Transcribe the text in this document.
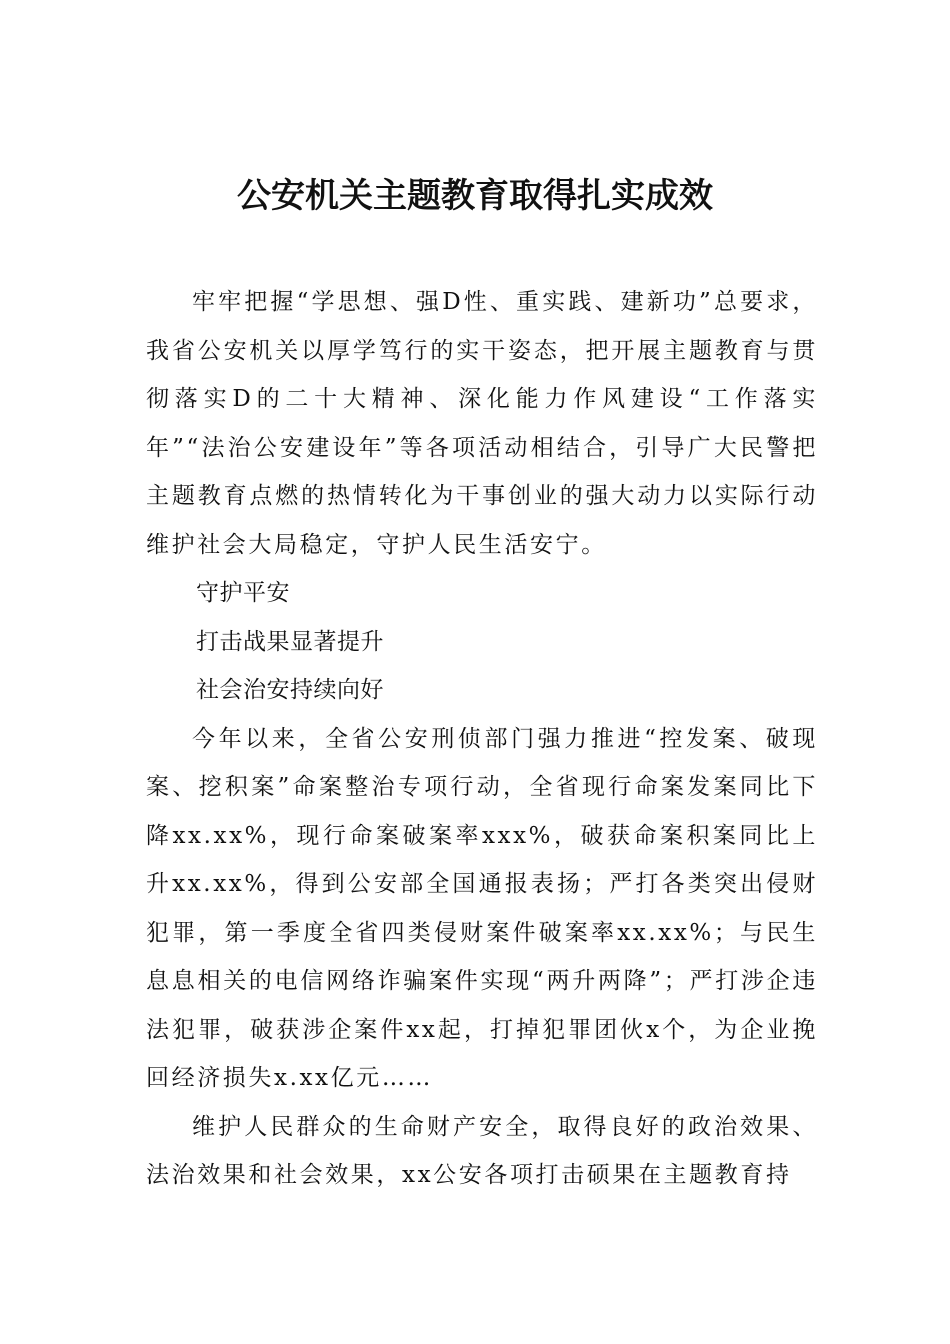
公安机关主题教育取得扎实成效

牢牢把握“学思想、强D性、重实践、建新功”总要求，我省公安机关以厚学笃行的实干姿态，把开展主题教育与贯彻落实D的二十大精神、深化能力作风建设“工作落实年”“法治公安建设年”等各项活动相结合，引导广大民警把主题教育点燃的热情转化为干事创业的强大动力以实际行动维护社会大局稳定，守护人民生活安宁。

守护平安

打击战果显著提升

社会治安持续向好

今年以来，全省公安刑侦部门强力推进“控发案、破现案、挖积案”命案整治专项行动，全省现行命案发案同比下降xx.xx%，现行命案破案率xxx%，破获命案积案同比上升xx.xx%，得到公安部全国通报表扬；严打各类突出侵财犯罪，第一季度全省四类侵财案件破案率xx.xx%；与民生息息相关的电信网络诈骗案件实现“两升两降”；严打涉企违法犯罪，破获涉企案件xx起，打掉犯罪团伙x个，为企业挽回经济损失x.xx亿元……

维护人民群众的生命财产安全，取得良好的政治效果、法治效果和社会效果，xx公安各项打击硕果在主题教育持
